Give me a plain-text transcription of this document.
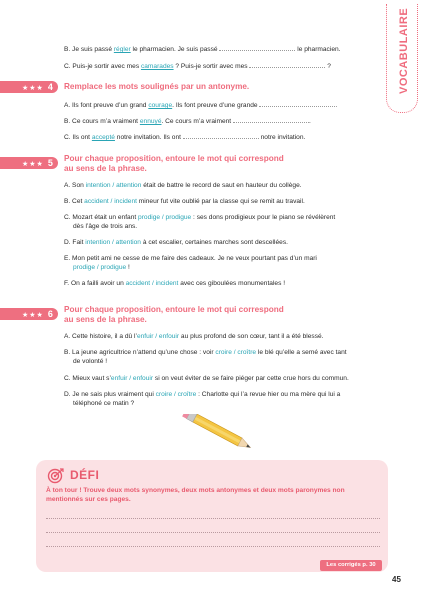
VOCABULAIRE
B. Je suis passé régler le pharmacien. Je suis passé	le pharmacien.
C. Puis-je sortir avec mes camarades ? Puis-je sortir avec mes	?
★★★ 4	Remplace les mots soulignés par un antonyme.
A. Ils font preuve d’un grand courage. Ils font preuve d’une grande	.
B. Ce cours m’a vraiment ennuyé. Ce cours m’a vraiment	.
C. Ils ont accepté notre invitation. Ils ont	notre invitation.
★★★ 5	Pour chaque proposition, entoure le mot qui correspond
au sens de la phrase.
A. Son intention / attention était de battre le record de saut en hauteur du collège.
B. Cet accident / incident mineur fut vite oublié par la classe qui se remit au travail.
C. Mozart était un enfant prodige / prodigue : ses dons prodigieux pour le piano se révélèrent
dès l’âge de trois ans.
D. Fait intention / attention à cet escalier, certaines marches sont descellées.
E. Mon petit ami ne cesse de me faire des cadeaux. Je ne veux pourtant pas d’un mari
prodige / prodigue !
F. On a failli avoir un accident / incident avec ces giboulées monumentales !
★★★ 6	Pour chaque proposition, entoure le mot qui correspond
au sens de la phrase.
A. Cette histoire, il a dû l’enfuir / enfouir au plus profond de son cœur, tant il a été blessé.
B. La jeune agricultrice n’attend qu’une chose : voir croire / croître le blé qu’elle a semé avec tant
de volonté !
C. Mieux vaut s’enfuir / enfouir si on veut éviter de se faire piéger par cette crue hors du commun.
D. Je ne sais plus vraiment qui croire / croître : Charlotte qui l’a revue hier ou ma mère qui lui a
téléphoné ce matin ?
DÉFI
À ton tour ! Trouve deux mots synonymes, deux mots antonymes et deux mots paronymes non mentionnés sur ces pages.
Les corrigés p. 30
45
